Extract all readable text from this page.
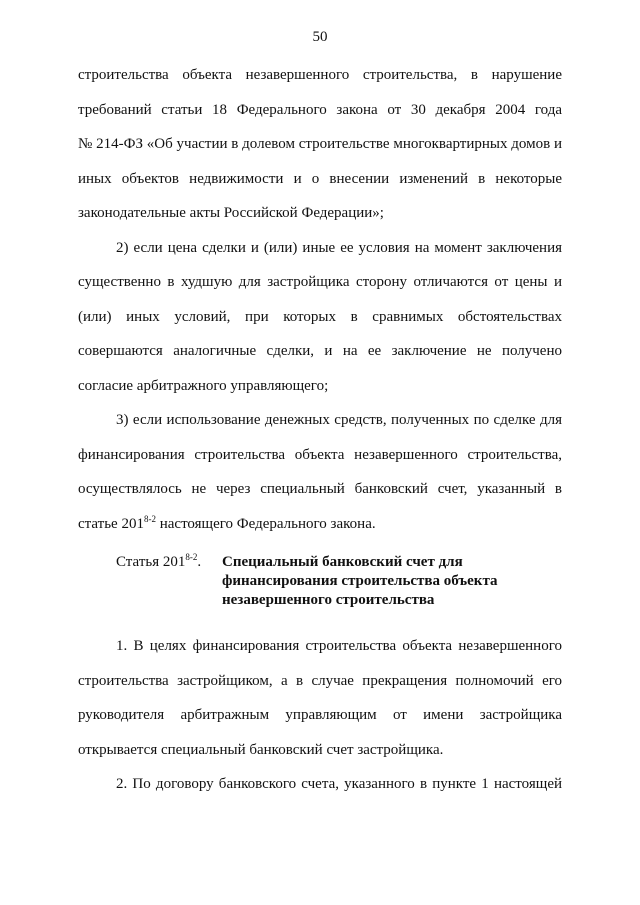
50
строительства объекта незавершенного строительства, в нарушение
требований статьи 18 Федерального закона от 30 декабря 2004 года
№ 214-ФЗ «Об участии в долевом строительстве многоквартирных домов и
иных объектов недвижимости и о внесении изменений в некоторые
законодательные акты Российской Федерации»;
2) если цена сделки и (или) иные ее условия на момент заключения
существенно в худшую для застройщика сторону отличаются от цены и
(или) иных условий, при которых в сравнимых обстоятельствах
совершаются аналогичные сделки, и на ее заключение не получено
согласие арбитражного управляющего;
3) если использование денежных средств, полученных по сделке для
финансирования строительства объекта незавершенного строительства,
осуществлялось не через специальный банковский счет, указанный в
статье 201$^{8-2}$ настоящего Федерального закона.
Статья 201$^{8-2}$.	Специальный банковский счет для
финансирования строительства объекта
незавершенного строительства
1. В целях финансирования строительства объекта незавершенного
строительства застройщиком, а в случае прекращения полномочий его
руководителя арбитражным управляющим от имени застройщика
открывается специальный банковский счет застройщика.
2. По договору банковского счета, указанного в пункте 1 настоящей
